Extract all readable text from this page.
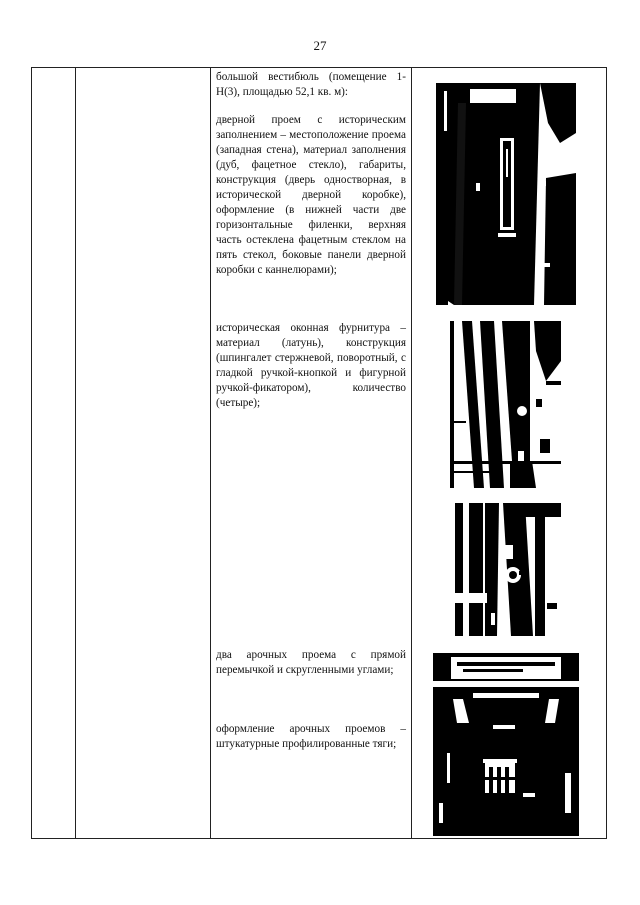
27
большой вестибюль (помещение 1-Н(3), площадью 52,1 кв. м):
дверной проем с историческим заполнением – местоположение проема (западная стена), материал заполнения (дуб, фацетное стекло), габариты, конструкция (дверь одностворная, в исторической дверной коробке), оформление (в нижней части две горизонтальные филенки, верхняя часть остеклена фацетным стеклом на пять стекол, боковые панели дверной коробки с каннелюрами);
историческая оконная фурнитура – материал (латунь), конструкция (шпингалет стержневой, поворотный, с гладкой ручкой-кнопкой и фигурной ручкой-фикатором), количество (четыре);
два арочных проема с прямой перемычкой и скругленными углами;
оформление арочных проемов – штукатурные профилированные тяги;
